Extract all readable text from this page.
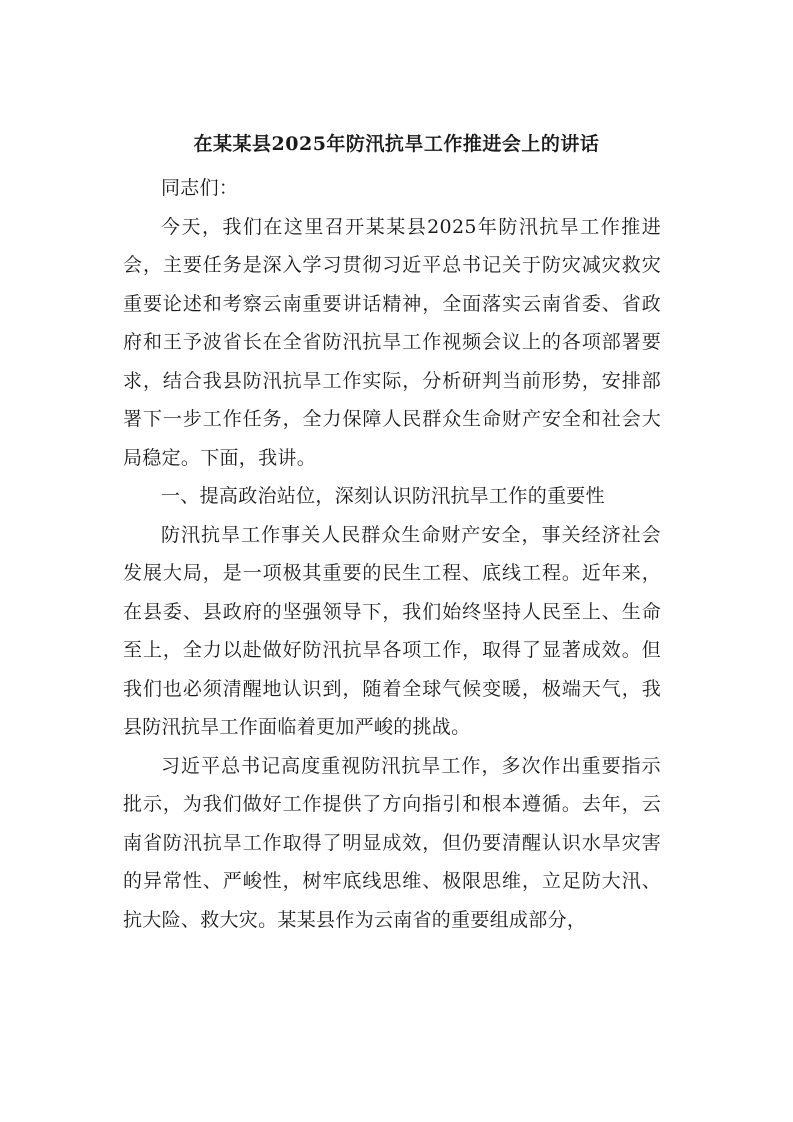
在某某县2025年防汛抗旱工作推进会上的讲话

同志们：

今天，我们在这里召开某某县2025年防汛抗旱工作推进会，主要任务是深入学习贯彻习近平总书记关于防灾减灾救灾重要论述和考察云南重要讲话精神，全面落实云南省委、省政府和王予波省长在全省防汛抗旱工作视频会议上的各项部署要求，结合我县防汛抗旱工作实际，分析研判当前形势，安排部署下一步工作任务，全力保障人民群众生命财产安全和社会大局稳定。下面，我讲。

一、提高政治站位，深刻认识防汛抗旱工作的重要性

防汛抗旱工作事关人民群众生命财产安全，事关经济社会发展大局，是一项极其重要的民生工程、底线工程。近年来，在县委、县政府的坚强领导下，我们始终坚持人民至上、生命至上，全力以赴做好防汛抗旱各项工作，取得了显著成效。但我们也必须清醒地认识到，随着全球气候变暖，极端天气，我县防汛抗旱工作面临着更加严峻的挑战。

习近平总书记高度重视防汛抗旱工作，多次作出重要指示批示，为我们做好工作提供了方向指引和根本遵循。去年，云南省防汛抗旱工作取得了明显成效，但仍要清醒认识水旱灾害的异常性、严峻性，树牢底线思维、极限思维，立足防大汛、抗大险、救大灾。某某县作为云南省的重要组成部分，
